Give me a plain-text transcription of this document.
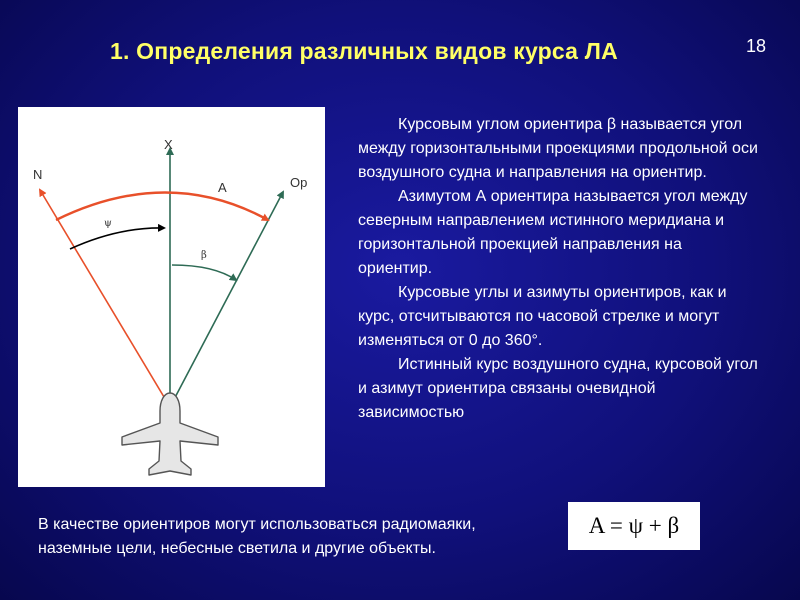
1. Определения различных видов курса ЛА	18
X
N
Op
A
ψ
β

Курсовым углом ориентира β называется угол между горизонтальными проекциями продольной оси воздушного судна и направления на ориентир.

Азимутом А ориентира называется угол между северным направлением истинного меридиана и горизонтальной проекцией направления на ориентир.

Курсовые углы и азимуты ориентиров, как и курс, отсчитываются по часовой стрелке и могут изменяться от 0 до 360°.

Истинный курс воздушного судна, курсовой угол и азимут ориентира связаны очевидной зависимостью

В качестве ориентиров могут использоваться радиомаяки, наземные цели, небесные светила и другие объекты.
A = ψ + β
